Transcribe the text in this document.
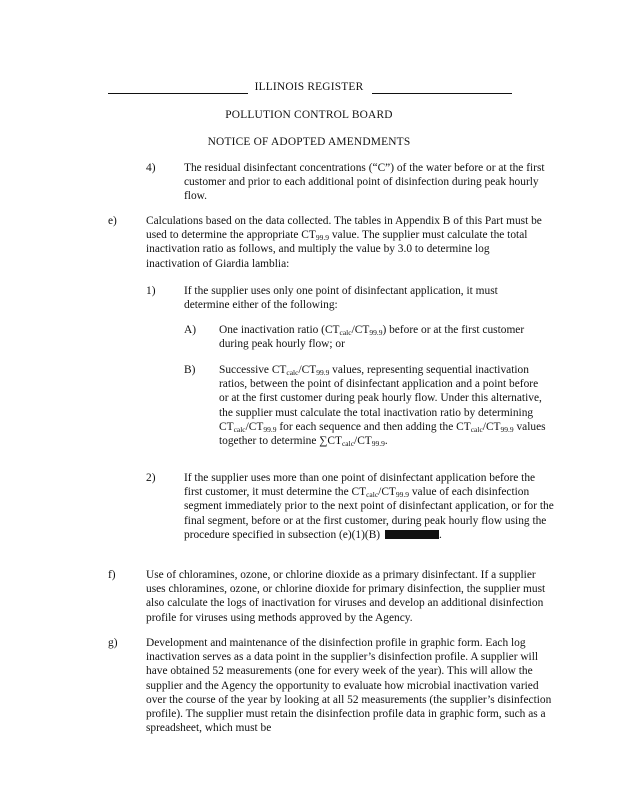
ILLINOIS REGISTER
POLLUTION CONTROL BOARD
NOTICE OF ADOPTED AMENDMENTS
4)	The residual disinfectant concentrations (“C”) of the water before or at the first customer and prior to each additional point of disinfection during peak hourly flow.
e)	Calculations based on the data collected. The tables in Appendix B of this Part must be used to determine the appropriate $CT_{99.9}$ value. The supplier must calculate the total inactivation ratio as follows, and multiply the value by 3.0 to determine log inactivation of Giardia lamblia:
1)	If the supplier uses only one point of disinfectant application, it must determine either of the following:
A) One inactivation ratio $(CT_{calc}/CT_{99.9})$ before or at the first customer during peak hourly flow; or
B) Successive $CT_{calc}/CT_{99.9}$ values, representing sequential inactivation ratios, between the point of disinfectant application and a point before or at the first customer during peak hourly flow. Under this alternative, the supplier must calculate the total inactivation ratio by determining $CT_{calc}/CT_{99.9}$ for each sequence and then adding the $CT_{calc}/CT_{99.9}$ values together to determine $\sum CT_{calc}/CT_{99.9}$.
2)	If the supplier uses more than one point of disinfectant application before the first customer, it must determine the $CT_{calc}/CT_{99.9}$ value of each disinfection segment immediately prior to the next point of disinfectant application, or for the final segment, before or at the first customer, during peak hourly flow using the procedure specified in subsection (e)(1)(B)	.
f)	Use of chloramines, ozone, or chlorine dioxide as a primary disinfectant. If a supplier uses chloramines, ozone, or chlorine dioxide for primary disinfection, the supplier must also calculate the logs of inactivation for viruses and develop an additional disinfection profile for viruses using methods approved by the Agency.
g)	Development and maintenance of the disinfection profile in graphic form. Each log inactivation serves as a data point in the supplier’s disinfection profile. A supplier will have obtained 52 measurements (one for every week of the year). This will allow the supplier and the Agency the opportunity to evaluate how microbial inactivation varied over the course of the year by looking at all 52 measurements (the supplier’s disinfection profile). The supplier must retain the disinfection profile data in graphic form, such as a spreadsheet, which must be
